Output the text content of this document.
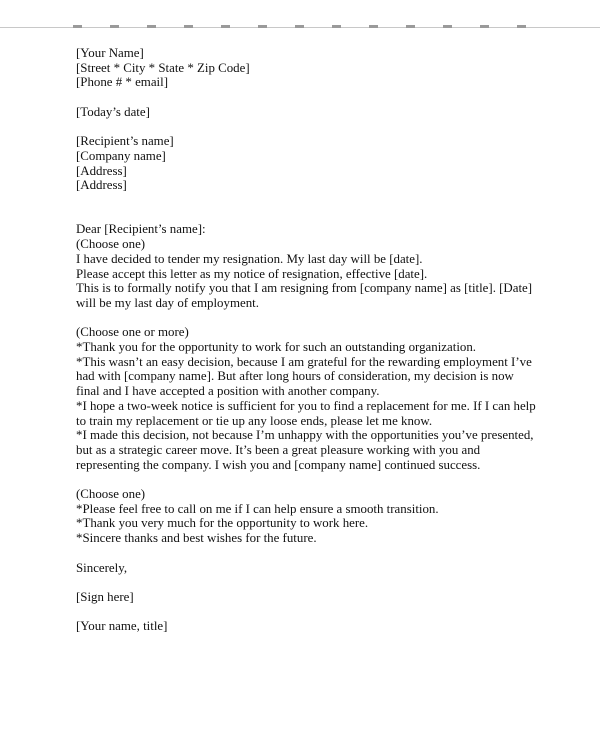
[Your Name]
[Street * City * State * Zip Code]
[Phone # * email]
[Today’s date]
[Recipient’s name]
[Company name]
[Address]
[Address]
Dear [Recipient’s name]:
(Choose one)
I have decided to tender my resignation. My last day will be [date].
Please accept this letter as my notice of resignation, effective [date].
This is to formally notify you that I am resigning from [company name] as [title]. [Date]
will be my last day of employment.
(Choose one or more)
*Thank you for the opportunity to work for such an outstanding organization.
*This wasn’t an easy decision, because I am grateful for the rewarding employment I’ve
had with [company name]. But after long hours of consideration, my decision is now
final and I have accepted a position with another company.
*I hope a two-week notice is sufficient for you to find a replacement for me. If I can help
to train my replacement or tie up any loose ends, please let me know.
*I made this decision, not because I’m unhappy with the opportunities you’ve presented,
but as a strategic career move. It’s been a great pleasure working with you and
representing the company. I wish you and [company name] continued success.
(Choose one)
*Please feel free to call on me if I can help ensure a smooth transition.
*Thank you very much for the opportunity to work here.
*Sincere thanks and best wishes for the future.
Sincerely,
[Sign here]
[Your name, title]
